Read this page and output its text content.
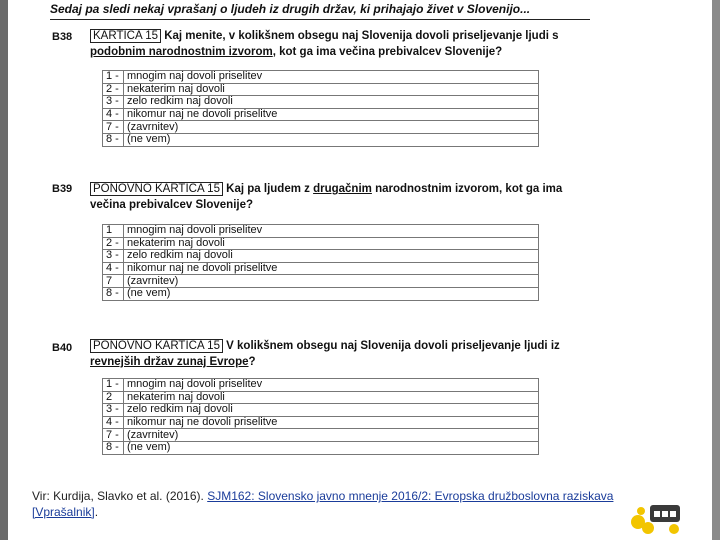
Sedaj pa sledi nekaj vprašanj o ljudeh iz drugih držav, ki prihajajo živet v Slovenijo...
B38 KARTICA 15 Kaj menite, v kolikšnem obsegu naj Slovenija dovoli priseljevanje ljudi s
podobnim narodnostnim izvorom, kot ga ima večina prebivalcev Slovenije?
1 -	mnogim naj dovoli priselitev
2 -	nekaterim naj dovoli
3 -	zelo redkim naj dovoli
4 -	nikomur naj ne dovoli priselitve
7 -	(zavrnitev)
8 -	(ne vem)
B39 PONOVNO KARTICA 15 Kaj pa ljudem z drugačnim narodnostnim izvorom, kot ga ima
večina prebivalcev Slovenije?
1	mnogim naj dovoli priselitev
2 -	nekaterim naj dovoli
3 -	zelo redkim naj dovoli
4 -	nikomur naj ne dovoli priselitve
7	(zavrnitev)
8 -	(ne vem)
B40 PONOVNO KARTICA 15 V kolikšnem obsegu naj Slovenija dovoli priseljevanje ljudi iz
revnejših držav zunaj Evrope?
1 -	mnogim naj dovoli priselitev
2	nekaterim naj dovoli
3 -	zelo redkim naj dovoli
4 -	nikomur naj ne dovoli priselitve
7 -	(zavrnitev)
8 -	(ne vem)
Vir: Kurdija, Slavko et al. (2016). SJM162: Slovensko javno mnenje 2016/2: Evropska družboslovna raziskava [Vprašalnik].
